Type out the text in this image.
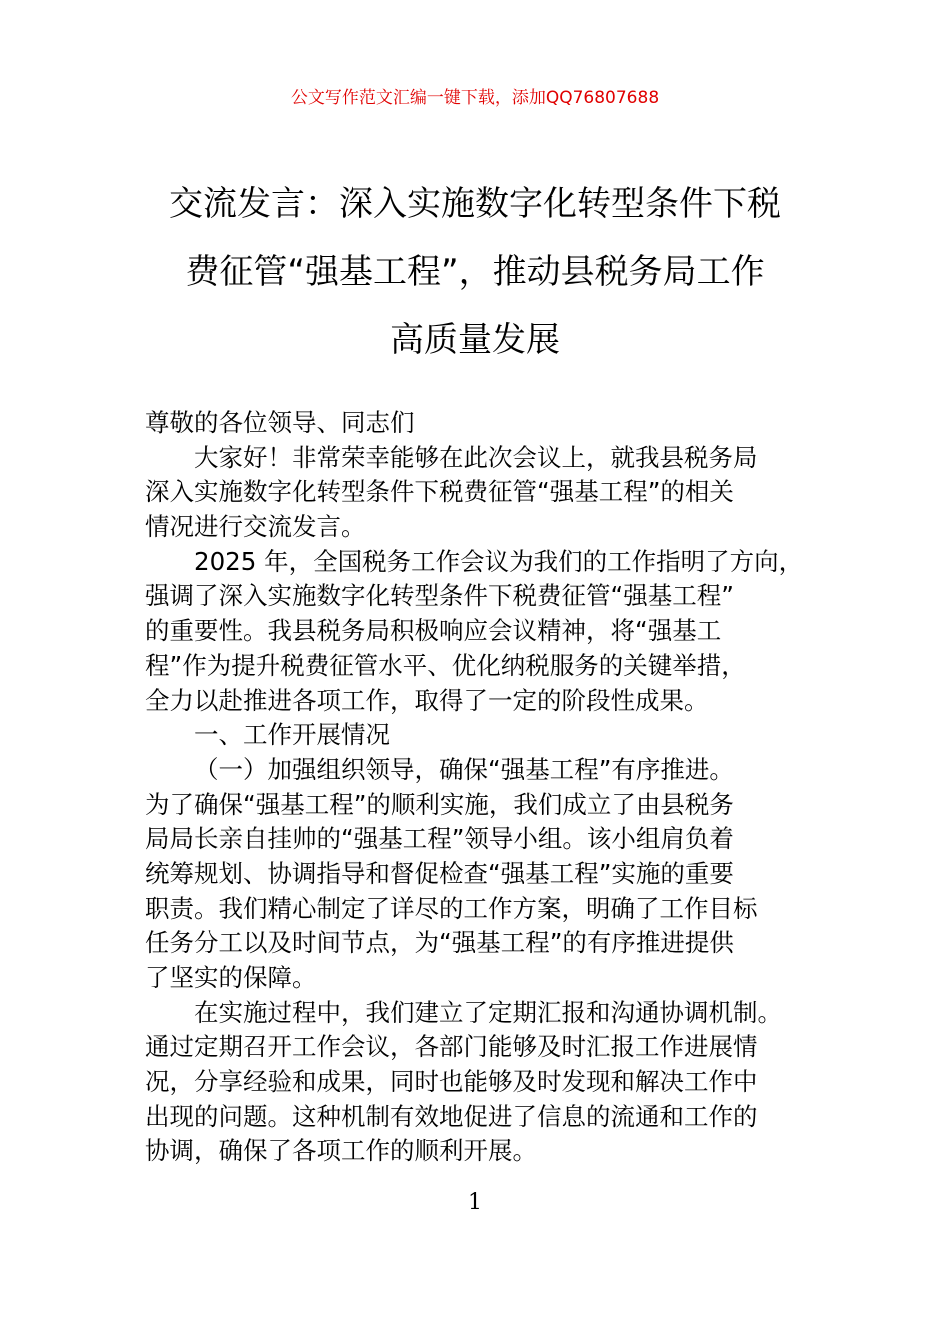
公文写作范文汇编一键下载，添加QQ76807688
交流发言：深入实施数字化转型条件下税
费征管“强基工程”，推动县税务局工作
高质量发展
尊敬的各位领导、同志们
大家好！非常荣幸能够在此次会议上，就我县税务局
深入实施数字化转型条件下税费征管“强基工程”的相关
情况进行交流发言。
2025 年，全国税务工作会议为我们的工作指明了方向，
强调了深入实施数字化转型条件下税费征管“强基工程”
的重要性。我县税务局积极响应会议精神，将“强基工
程”作为提升税费征管水平、优化纳税服务的关键举措，
全力以赴推进各项工作，取得了一定的阶段性成果。
一、工作开展情况
（一）加强组织领导，确保“强基工程”有序推进。
为了确保“强基工程”的顺利实施，我们成立了由县税务
局局长亲自挂帅的“强基工程”领导小组。该小组肩负着
统筹规划、协调指导和督促检查“强基工程”实施的重要
职责。我们精心制定了详尽的工作方案，明确了工作目标
任务分工以及时间节点，为“强基工程”的有序推进提供
了坚实的保障。
在实施过程中，我们建立了定期汇报和沟通协调机制。
通过定期召开工作会议，各部门能够及时汇报工作进展情
况，分享经验和成果，同时也能够及时发现和解决工作中
出现的问题。这种机制有效地促进了信息的流通和工作的
协调，确保了各项工作的顺利开展。
1
